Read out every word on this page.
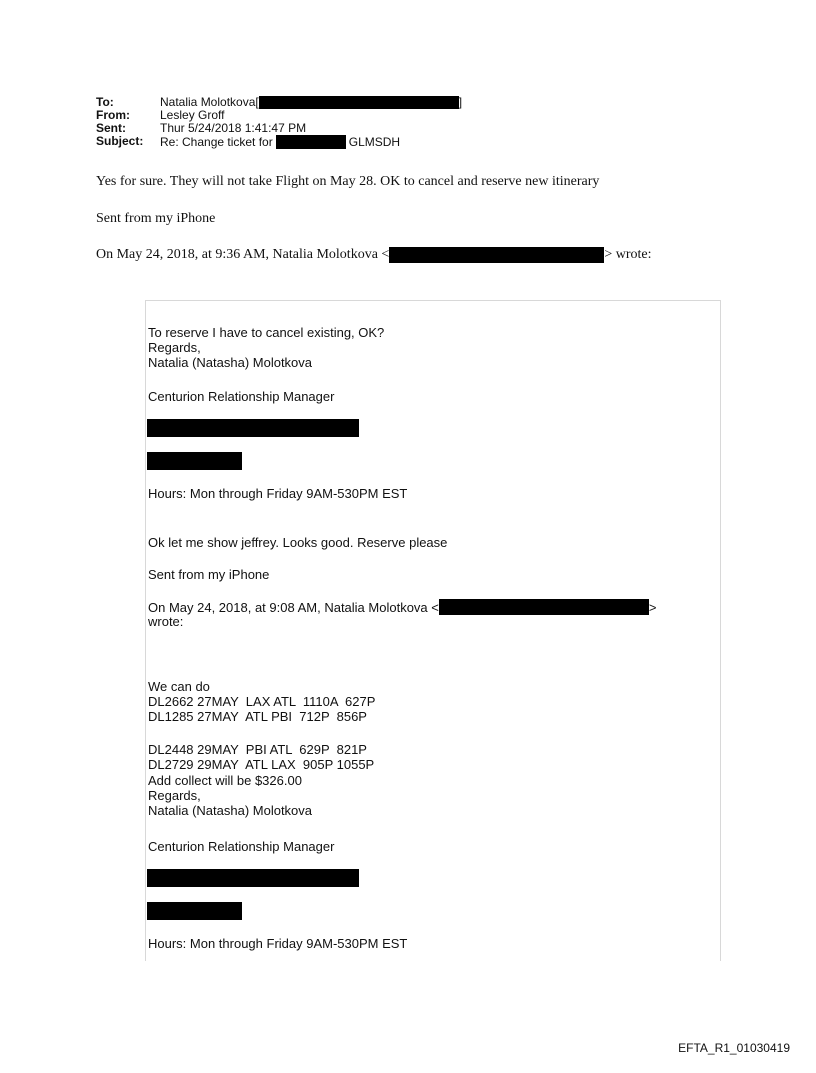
To:	Natalia Molotkova[	]
From:	Lesley Groff
Sent:	Thur 5/24/2018 1:41:47 PM
Subject:	Re: Change ticket for	GLMSDH
Yes for sure. They will not take Flight on May 28. OK to cancel and reserve new itinerary
Sent from my iPhone
On May 24, 2018, at 9:36 AM, Natalia Molotkova <	> wrote:
To reserve I have to cancel existing, OK?
Regards,
Natalia (Natasha) Molotkova
Centurion Relationship Manager
Hours: Mon through Friday 9AM-530PM EST
Ok let me show jeffrey. Looks good. Reserve please
Sent from my iPhone
On May 24, 2018, at 9:08 AM, Natalia Molotkova <	>
wrote:
We can do
DL2662 27MAY  LAX ATL  1110A  627P
DL1285 27MAY  ATL PBI  712P  856P
DL2448 29MAY  PBI ATL  629P  821P
DL2729 29MAY  ATL LAX  905P 1055P
Add collect will be $326.00
Regards,
Natalia (Natasha) Molotkova
Centurion Relationship Manager
Hours: Mon through Friday 9AM-530PM EST
EFTA_R1_01030419
